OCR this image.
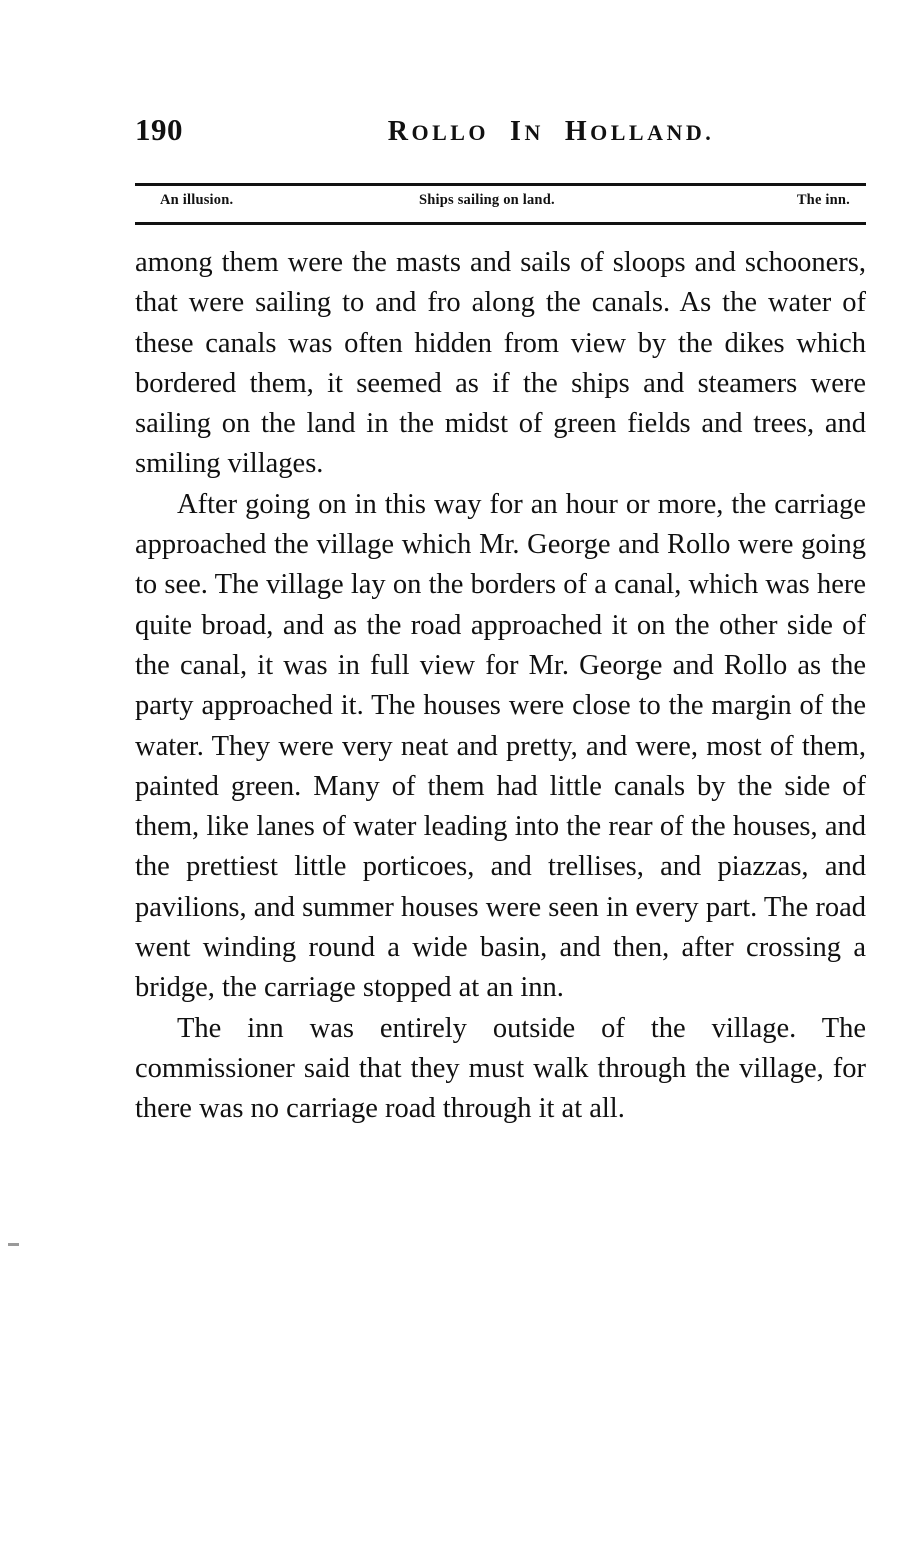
190	ROLLO  IN  HOLLAND.
An illusion.	Ships sailing on land.	The inn.

among them were the masts and sails of sloops and schooners, that were sailing to and fro along the canals. As the water of these canals was often hidden from view by the dikes which bordered them, it seemed as if the ships and steamers were sailing on the land in the midst of green fields and trees, and smiling villages.

After going on in this way for an hour or more, the carriage approached the village which Mr. George and Rollo were going to see. The village lay on the borders of a canal, which was here quite broad, and as the road approached it on the other side of the canal, it was in full view for Mr. George and Rollo as the party approached it. The houses were close to the margin of the water. They were very neat and pretty, and were, most of them, painted green. Many of them had little canals by the side of them, like lanes of water leading into the rear of the houses, and the prettiest little porticoes, and trellises, and piazzas, and pavilions, and summer houses were seen in every part. The road went winding round a wide basin, and then, after crossing a bridge, the carriage stopped at an inn.

The inn was entirely outside of the village. The commissioner said that they must walk through the village, for there was no carriage road through it at all.
